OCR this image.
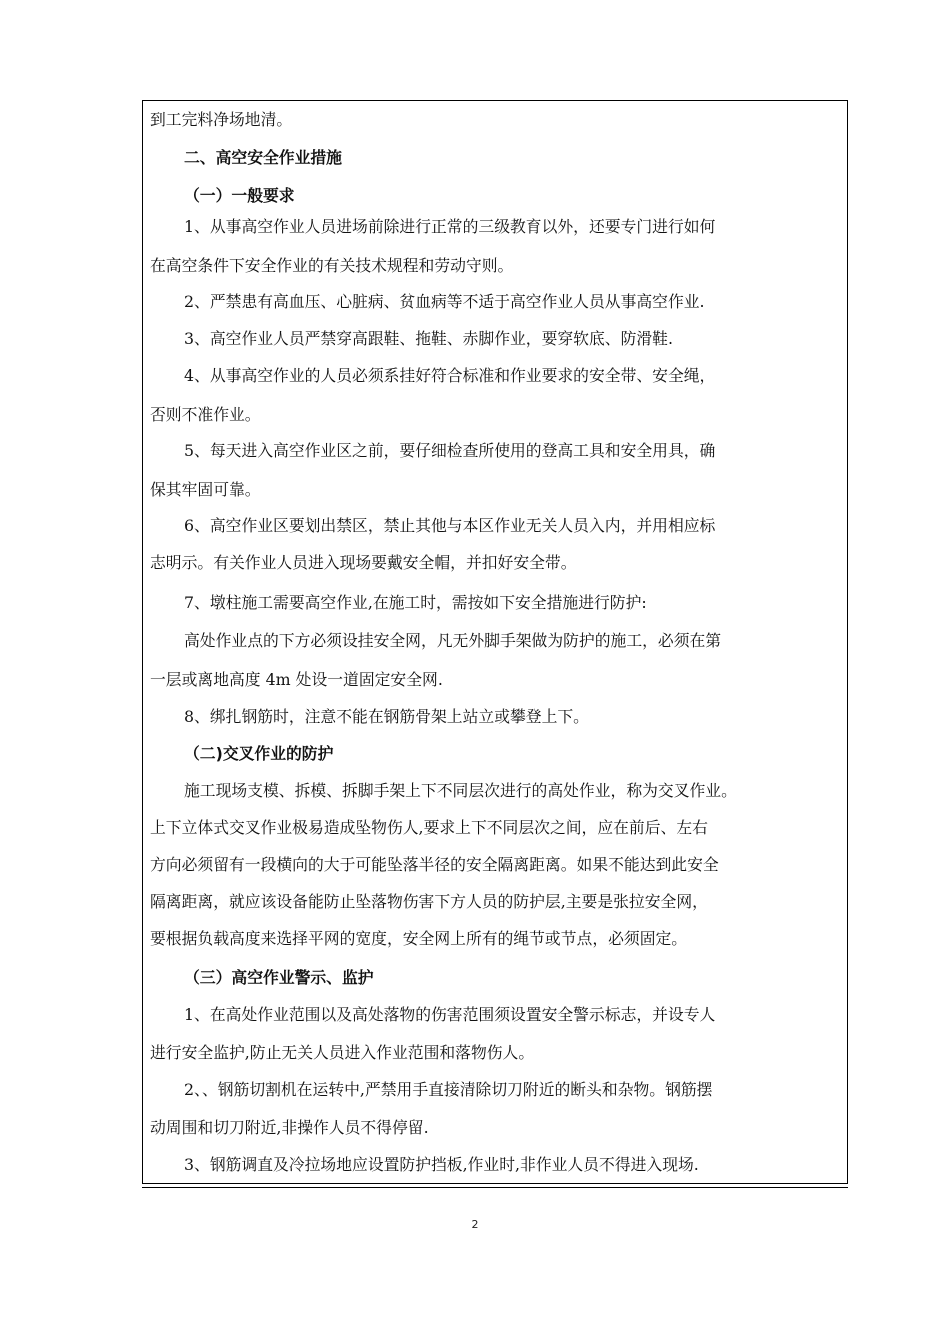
到工完料净场地清。
二、高空安全作业措施
（一）一般要求
1、从事高空作业人员进场前除进行正常的三级教育以外，还要专门进行如何
在高空条件下安全作业的有关技术规程和劳动守则。
2、严禁患有高血压、心脏病、贫血病等不适于高空作业人员从事高空作业.
3、高空作业人员严禁穿高跟鞋、拖鞋、赤脚作业，要穿软底、防滑鞋.
4、从事高空作业的人员必须系挂好符合标准和作业要求的安全带、安全绳，
否则不准作业。
5、每天进入高空作业区之前，要仔细检查所使用的登高工具和安全用具，确
保其牢固可靠。
6、高空作业区要划出禁区，禁止其他与本区作业无关人员入内，并用相应标
志明示。有关作业人员进入现场要戴安全帽，并扣好安全带。
7、墩柱施工需要高空作业,在施工时，需按如下安全措施进行防护:
高处作业点的下方必须设挂安全网，凡无外脚手架做为防护的施工，必须在第
一层或离地高度 4m 处设一道固定安全网.
8、绑扎钢筋时，注意不能在钢筋骨架上站立或攀登上下。
（二)交叉作业的防护
施工现场支模、拆模、拆脚手架上下不同层次进行的高处作业，称为交叉作业。
上下立体式交叉作业极易造成坠物伤人,要求上下不同层次之间，应在前后、左右
方向必须留有一段横向的大于可能坠落半径的安全隔离距离。如果不能达到此安全
隔离距离，就应该设备能防止坠落物伤害下方人员的防护层,主要是张拉安全网，
要根据负载高度来选择平网的宽度，安全网上所有的绳节或节点，必须固定。
（三）高空作业警示、监护
1、在高处作业范围以及高处落物的伤害范围须设置安全警示标志，并设专人
进行安全监护,防止无关人员进入作业范围和落物伤人。
2、、钢筋切割机在运转中,严禁用手直接清除切刀附近的断头和杂物。钢筋摆
动周围和切刀附近,非操作人员不得停留.
3、钢筋调直及冷拉场地应设置防护挡板,作业时,非作业人员不得进入现场.
2
